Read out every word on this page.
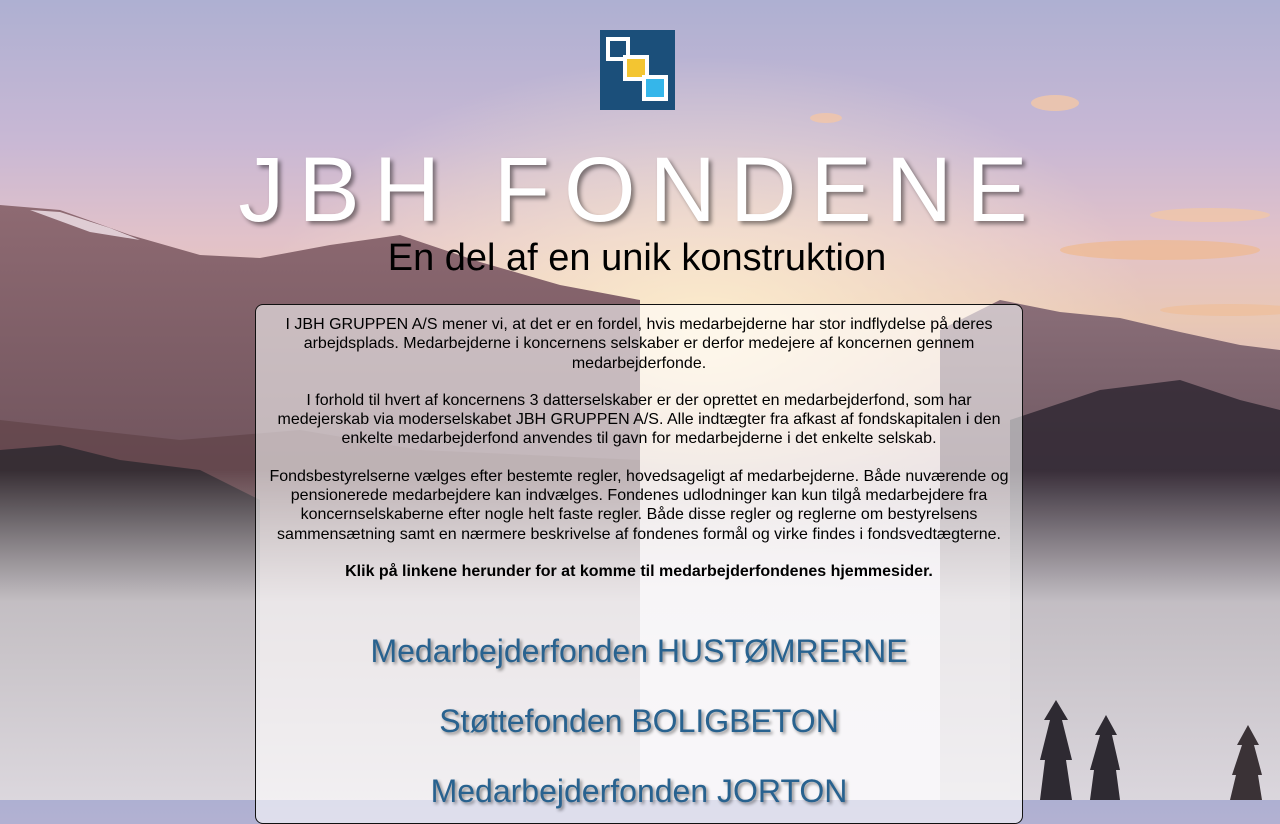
JBH FONDENE
En del af en unik konstruktion

I JBH GRUPPEN A/S mener vi, at det er en fordel, hvis medarbejderne har stor indflydelse på deres arbejdsplads. Medarbejderne i koncernens selskaber er derfor medejere af koncernen gennem medarbejderfonde.

I forhold til hvert af koncernens 3 datterselskaber er der oprettet en medarbejderfond, som har medejerskab via moderselskabet JBH GRUPPEN A/S. Alle indtægter fra afkast af fondskapitalen i den enkelte medarbejderfond anvendes til gavn for medarbejderne i det enkelte selskab.

Fondsbestyrelserne vælges efter bestemte regler, hovedsageligt af medarbejderne. Både nuværende og pensionerede medarbejdere kan indvælges. Fondenes udlodninger kan kun tilgå medarbejdere fra koncernselskaberne efter nogle helt faste regler. Både disse regler og reglerne om bestyrelsens sammensætning samt en nærmere beskrivelse af fondenes formål og virke findes i fondsvedtægterne.

Klik på linkene herunder for at komme til medarbejderfondenes hjemmesider.

Medarbejderfonden HUSTØMRERNE
Støttefonden BOLIGBETON
Medarbejderfonden JORTON
